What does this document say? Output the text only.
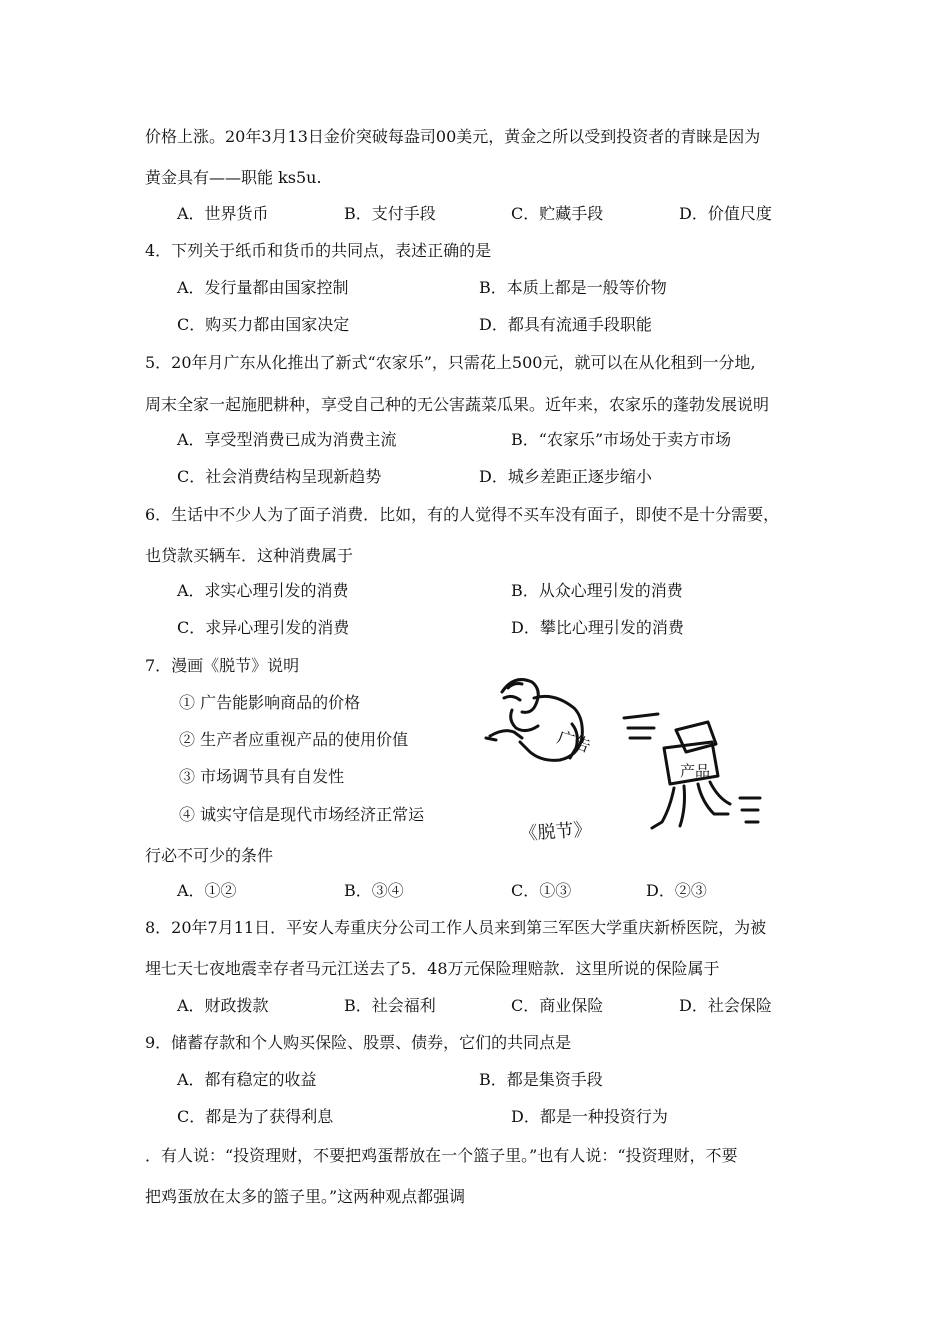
价格上涨。20年3月13日金价突破每盎司00美元，黄金之所以受到投资者的青睐是因为
黄金具有——职能 ks5u.
A．世界货币	B．支付手段	C．贮藏手段	D．价值尺度
4．下列关于纸币和货币的共同点，表述正确的是
A．发行量都由国家控制	B．本质上都是一般等价物
C．购买力都由国家决定	D．都具有流通手段职能
5．20年月广东从化推出了新式“农家乐”，只需花上500元，就可以在从化租到一分地,
周末全家一起施肥耕种，享受自己种的无公害蔬菜瓜果。近年来，农家乐的蓬勃发展说明
A．享受型消费已成为消费主流	B．“农家乐”市场处于卖方市场
C．社会消费结构呈现新趋势	D．城乡差距正逐步缩小
6．生话中不少人为了面子消费．比如，有的人觉得不买车没有面子，即使不是十分需要，
也贷款买辆车．这种消费属于
A．求实心理引发的消费	B．从众心理引发的消费
C．求异心理引发的消费	D．攀比心理引发的消费
7．漫画《脱节》说明
① 广告能影响商品的价格
② 生产者应重视产品的使用价值
③ 市场调节具有自发性
④ 诚实守信是现代市场经济正常运
行必不可少的条件
A．①②	B．③④	C．①③	D．②③
广告
产品
《脱节》
8．20年7月11日．平安人寿重庆分公司工作人员来到第三军医大学重庆新桥医院，为被
埋七天七夜地震幸存者马元江送去了5．48万元保险理赔款．这里所说的保险属于
A．财政拨款	B．社会福利	C．商业保险	D．社会保险
9．储蓄存款和个人购买保险、股票、债券，它们的共同点是
A．都有稳定的收益	B．都是集资手段
C．都是为了获得利息	D．都是一种投资行为
．有人说：“投资理财，不要把鸡蛋帮放在一个篮子里。”也有人说：“投资理财，不要
把鸡蛋放在太多的篮子里。”这两种观点都强调
